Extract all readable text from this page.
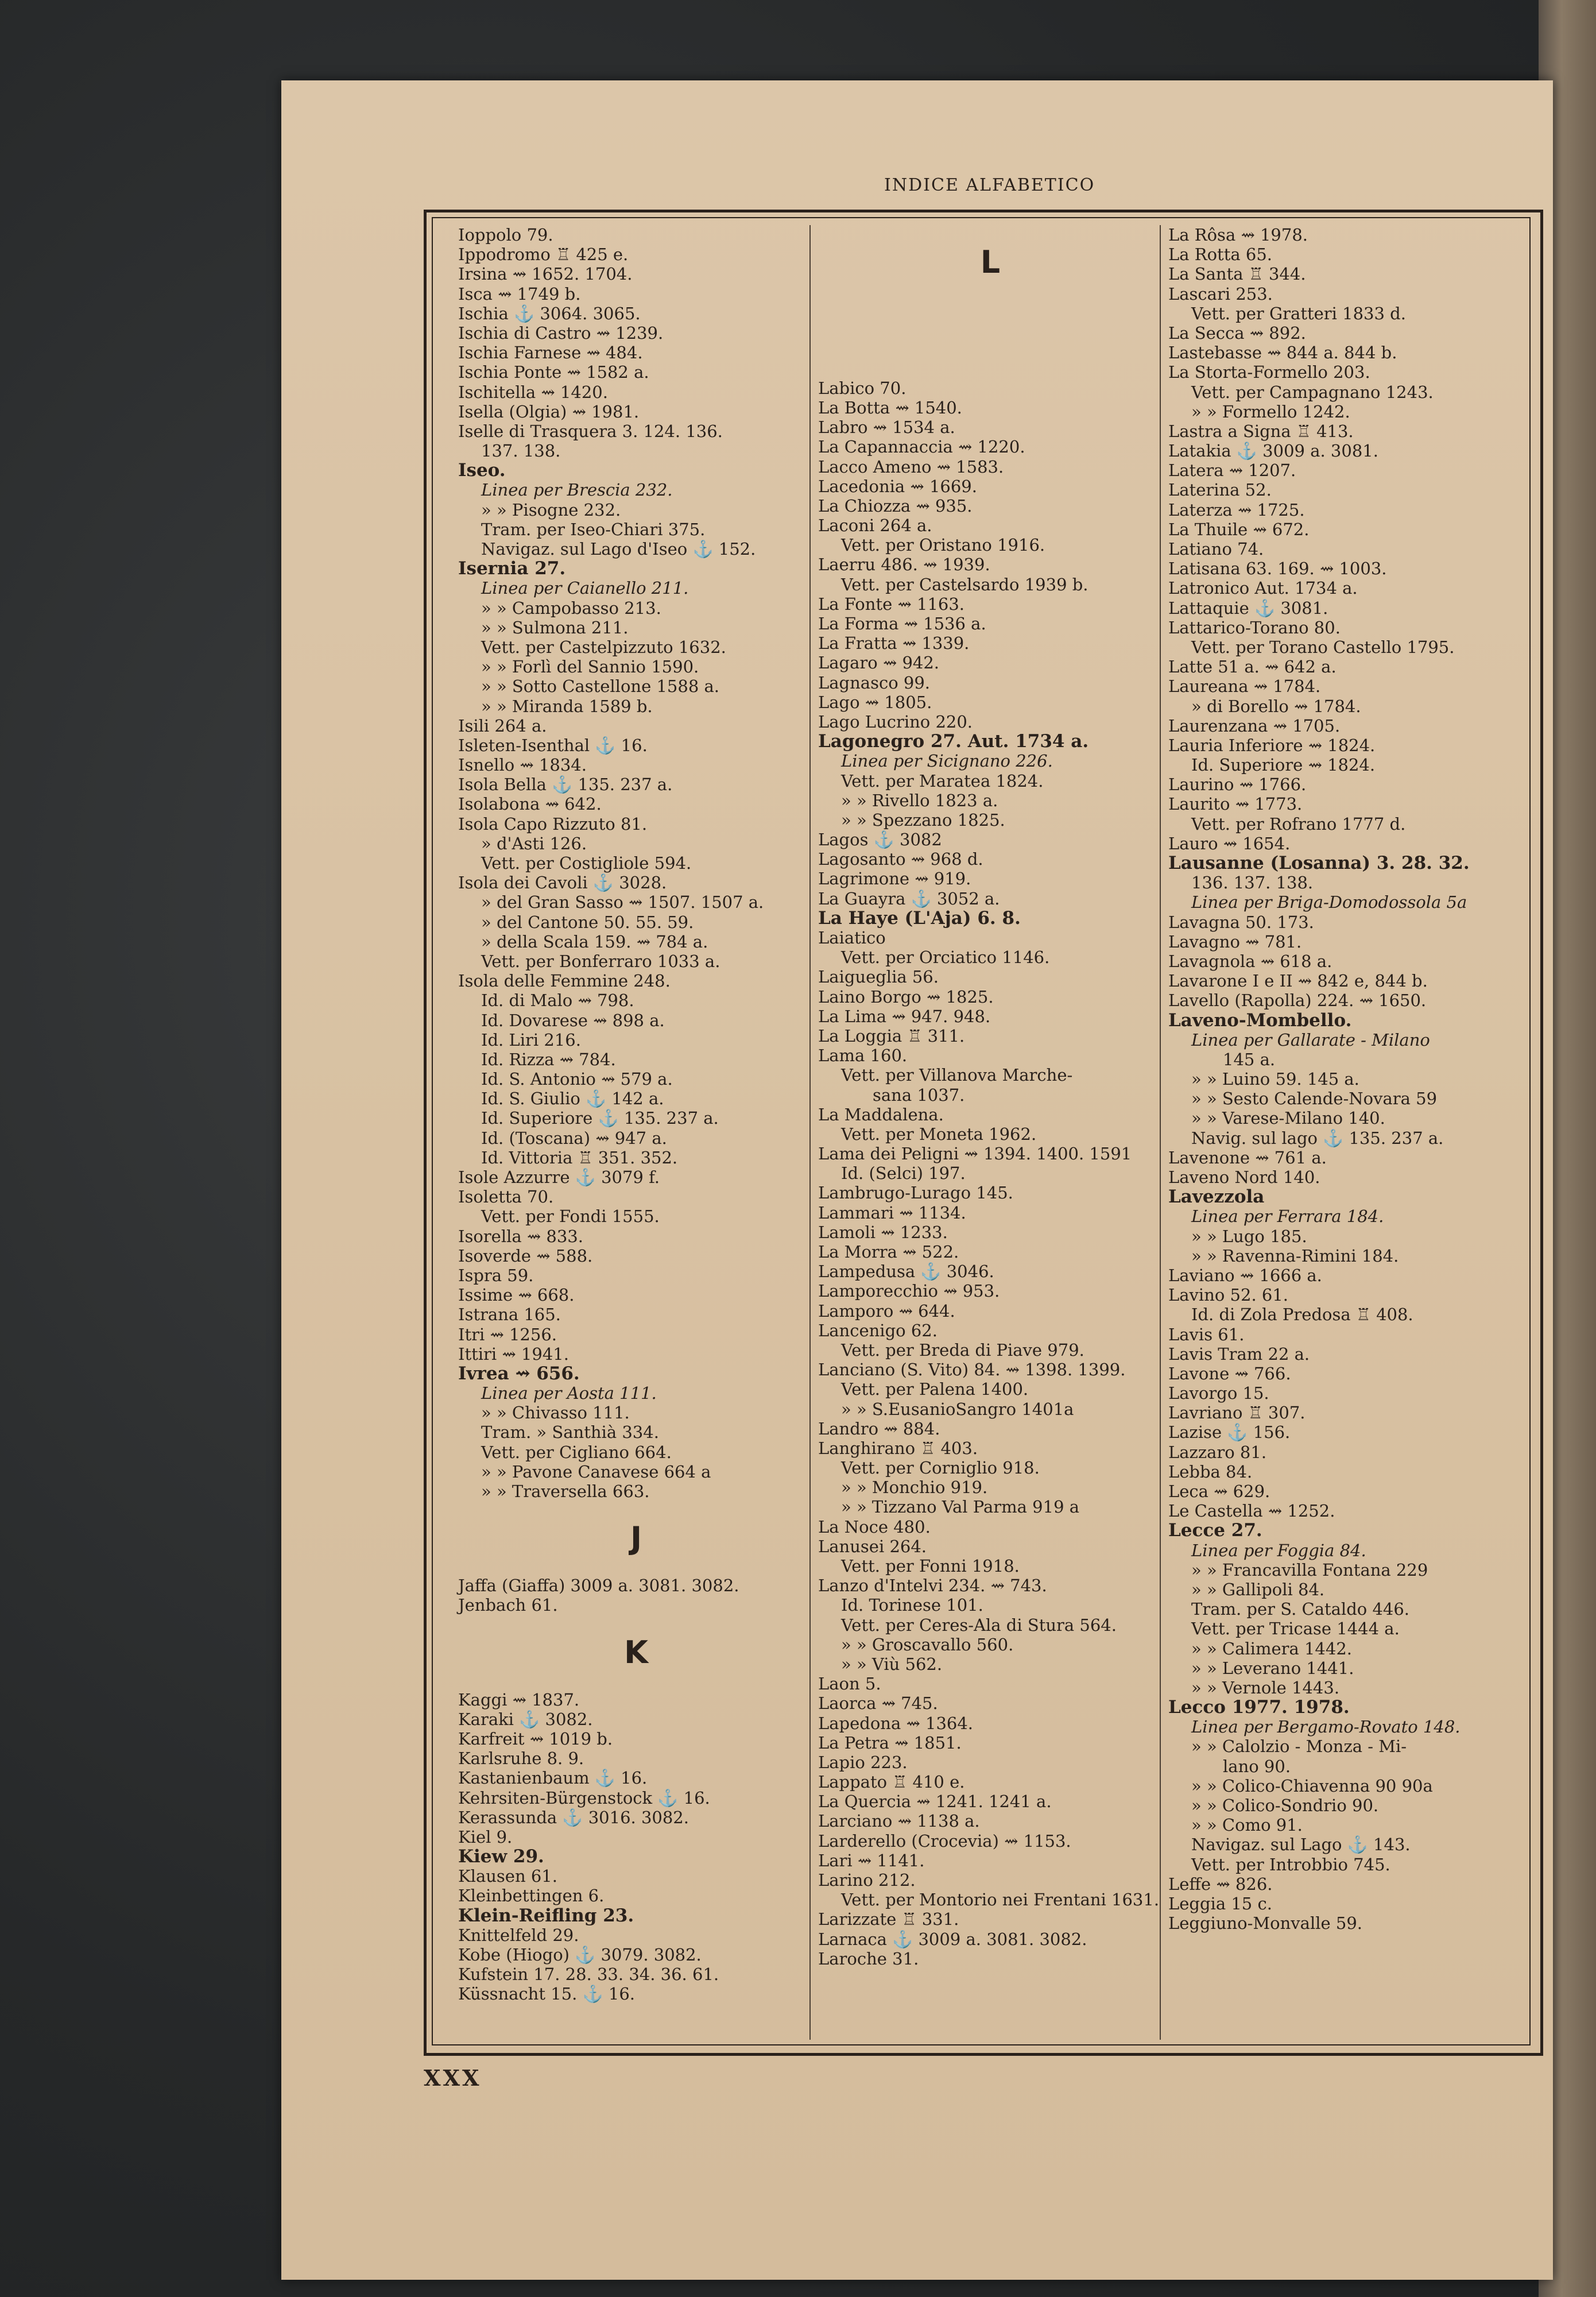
INDICE ALFABETICO
Ioppolo 79.
Ippodromo ♖ 425 e.
Irsina ⇝ 1652. 1704.
Isca ⇝ 1749 b.
Ischia ⚓ 3064. 3065.
Ischia di Castro ⇝ 1239.
Ischia Farnese ⇝ 484.
Ischia Ponte ⇝ 1582 a.
Ischitella ⇝ 1420.
Isella (Olgia) ⇝ 1981.
Iselle di Trasquera 3. 124. 136.
137. 138.
Iseo.
Linea per Brescia 232.
» » Pisogne 232.
Tram. per Iseo-Chiari 375.
Navigaz. sul Lago d'Iseo ⚓ 152.
Isernia 27.
Linea per Caianello 211.
» » Campobasso 213.
» » Sulmona 211.
Vett. per Castelpizzuto 1632.
» » Forlì del Sannio 1590.
» » Sotto Castellone 1588 a.
» » Miranda 1589 b.
Isili 264 a.
Isleten-Isenthal ⚓ 16.
Isnello ⇝ 1834.
Isola Bella ⚓ 135. 237 a.
Isolabona ⇝ 642.
Isola Capo Rizzuto 81.
» d'Asti 126.
Vett. per Costigliole 594.
Isola dei Cavoli ⚓ 3028.
» del Gran Sasso ⇝ 1507. 1507 a.
» del Cantone 50. 55. 59.
» della Scala 159. ⇝ 784 a.
Vett. per Bonferraro 1033 a.
Isola delle Femmine 248.
Id. di Malo ⇝ 798.
Id. Dovarese ⇝ 898 a.
Id. Liri 216.
Id. Rizza ⇝ 784.
Id. S. Antonio ⇝ 579 a.
Id. S. Giulio ⚓ 142 a.
Id. Superiore ⚓ 135. 237 a.
Id. (Toscana) ⇝ 947 a.
Id. Vittoria ♖ 351. 352.
Isole Azzurre ⚓ 3079 f.
Isoletta 70.
Vett. per Fondi 1555.
Isorella ⇝ 833.
Isoverde ⇝ 588.
Ispra 59.
Issime ⇝ 668.
Istrana 165.
Itri ⇝ 1256.
Ittiri ⇝ 1941.
Ivrea ⇝ 656.
Linea per Aosta 111.
» » Chivasso 111.
Tram. » Santhià 334.
Vett. per Cigliano 664.
» » Pavone Canavese 664 a
» » Traversella 663.
J
Jaffa (Giaffa) 3009 a. 3081. 3082.
Jenbach 61.
K
Kaggi ⇝ 1837.
Karaki ⚓ 3082.
Karfreit ⇝ 1019 b.
Karlsruhe 8. 9.
Kastanienbaum ⚓ 16.
Kehrsiten-Bürgenstock ⚓ 16.
Kerassunda ⚓ 3016. 3082.
Kiel 9.
Kiew 29.
Klausen 61.
Kleinbettingen 6.
Klein-Reifling 23.
Knittelfeld 29.
Kobe (Hiogo) ⚓ 3079. 3082.
Kufstein 17. 28. 33. 34. 36. 61.
Küssnacht 15. ⚓ 16.
L
Labico 70.
La Botta ⇝ 1540.
Labro ⇝ 1534 a.
La Capannaccia ⇝ 1220.
Lacco Ameno ⇝ 1583.
Lacedonia ⇝ 1669.
La Chiozza ⇝ 935.
Laconi 264 a.
Vett. per Oristano 1916.
Laerru 486. ⇝ 1939.
Vett. per Castelsardo 1939 b.
La Fonte ⇝ 1163.
La Forma ⇝ 1536 a.
La Fratta ⇝ 1339.
Lagaro ⇝ 942.
Lagnasco 99.
Lago ⇝ 1805.
Lago Lucrino 220.
Lagonegro 27. Aut. 1734 a.
Linea per Sicignano 226.
Vett. per Maratea 1824.
» » Rivello 1823 a.
» » Spezzano 1825.
Lagos ⚓ 3082
Lagosanto ⇝ 968 d.
Lagrimone ⇝ 919.
La Guayra ⚓ 3052 a.
La Haye (L'Aja) 6. 8.
Laiatico
Vett. per Orciatico 1146.
Laigueglia 56.
Laino Borgo ⇝ 1825.
La Lima ⇝ 947. 948.
La Loggia ♖ 311.
Lama 160.
Vett. per Villanova Marche-
sana 1037.
La Maddalena.
Vett. per Moneta 1962.
Lama dei Peligni ⇝ 1394. 1400. 1591
Id. (Selci) 197.
Lambrugo-Lurago 145.
Lammari ⇝ 1134.
Lamoli ⇝ 1233.
La Morra ⇝ 522.
Lampedusa ⚓ 3046.
Lamporecchio ⇝ 953.
Lamporo ⇝ 644.
Lancenigo 62.
Vett. per Breda di Piave 979.
Lanciano (S. Vito) 84. ⇝ 1398. 1399.
Vett. per Palena 1400.
» » S.EusanioSangro 1401a
Landro ⇝ 884.
Langhirano ♖ 403.
Vett. per Corniglio 918.
» » Monchio 919.
» » Tizzano Val Parma 919 a
La Noce 480.
Lanusei 264.
Vett. per Fonni 1918.
Lanzo d'Intelvi 234. ⇝ 743.
Id. Torinese 101.
Vett. per Ceres-Ala di Stura 564.
» » Groscavallo 560.
» » Viù 562.
Laon 5.
Laorca ⇝ 745.
Lapedona ⇝ 1364.
La Petra ⇝ 1851.
Lapio 223.
Lappato ♖ 410 e.
La Quercia ⇝ 1241. 1241 a.
Larciano ⇝ 1138 a.
Larderello (Crocevia) ⇝ 1153.
Lari ⇝ 1141.
Larino 212.
Vett. per Montorio nei Frentani 1631.
Larizzate ♖ 331.
Larnaca ⚓ 3009 a. 3081. 3082.
Laroche 31.
La Rôsa ⇝ 1978.
La Rotta 65.
La Santa ♖ 344.
Lascari 253.
Vett. per Gratteri 1833 d.
La Secca ⇝ 892.
Lastebasse ⇝ 844 a. 844 b.
La Storta-Formello 203.
Vett. per Campagnano 1243.
» » Formello 1242.
Lastra a Signa ♖ 413.
Latakia ⚓ 3009 a. 3081.
Latera ⇝ 1207.
Laterina 52.
Laterza ⇝ 1725.
La Thuile ⇝ 672.
Latiano 74.
Latisana 63. 169. ⇝ 1003.
Latronico Aut. 1734 a.
Lattaquie ⚓ 3081.
Lattarico-Torano 80.
Vett. per Torano Castello 1795.
Latte 51 a. ⇝ 642 a.
Laureana ⇝ 1784.
» di Borello ⇝ 1784.
Laurenzana ⇝ 1705.
Lauria Inferiore ⇝ 1824.
Id. Superiore ⇝ 1824.
Laurino ⇝ 1766.
Laurito ⇝ 1773.
Vett. per Rofrano 1777 d.
Lauro ⇝ 1654.
Lausanne (Losanna) 3. 28. 32.
136. 137. 138.
Linea per Briga-Domodossola 5a
Lavagna 50. 173.
Lavagno ⇝ 781.
Lavagnola ⇝ 618 a.
Lavarone I e II ⇝ 842 e, 844 b.
Lavello (Rapolla) 224. ⇝ 1650.
Laveno-Mombello.
Linea per Gallarate - Milano
145 a.
» » Luino 59. 145 a.
» » Sesto Calende-Novara 59
» » Varese-Milano 140.
Navig. sul lago ⚓ 135. 237 a.
Lavenone ⇝ 761 a.
Laveno Nord 140.
Lavezzola
Linea per Ferrara 184.
» » Lugo 185.
» » Ravenna-Rimini 184.
Laviano ⇝ 1666 a.
Lavino 52. 61.
Id. di Zola Predosa ♖ 408.
Lavis 61.
Lavis Tram 22 a.
Lavone ⇝ 766.
Lavorgo 15.
Lavriano ♖ 307.
Lazise ⚓ 156.
Lazzaro 81.
Lebba 84.
Leca ⇝ 629.
Le Castella ⇝ 1252.
Lecce 27.
Linea per Foggia 84.
» » Francavilla Fontana 229
» » Gallipoli 84.
Tram. per S. Cataldo 446.
Vett. per Tricase 1444 a.
» » Calimera 1442.
» » Leverano 1441.
» » Vernole 1443.
Lecco 1977. 1978.
Linea per Bergamo-Rovato 148.
» » Calolzio - Monza - Mi-
lano 90.
» » Colico-Chiavenna 90 90a
» » Colico-Sondrio 90.
» » Como 91.
Navigaz. sul Lago ⚓ 143.
Vett. per Introbbio 745.
Leffe ⇝ 826.
Leggia 15 c.
Leggiuno-Monvalle 59.
XXX
